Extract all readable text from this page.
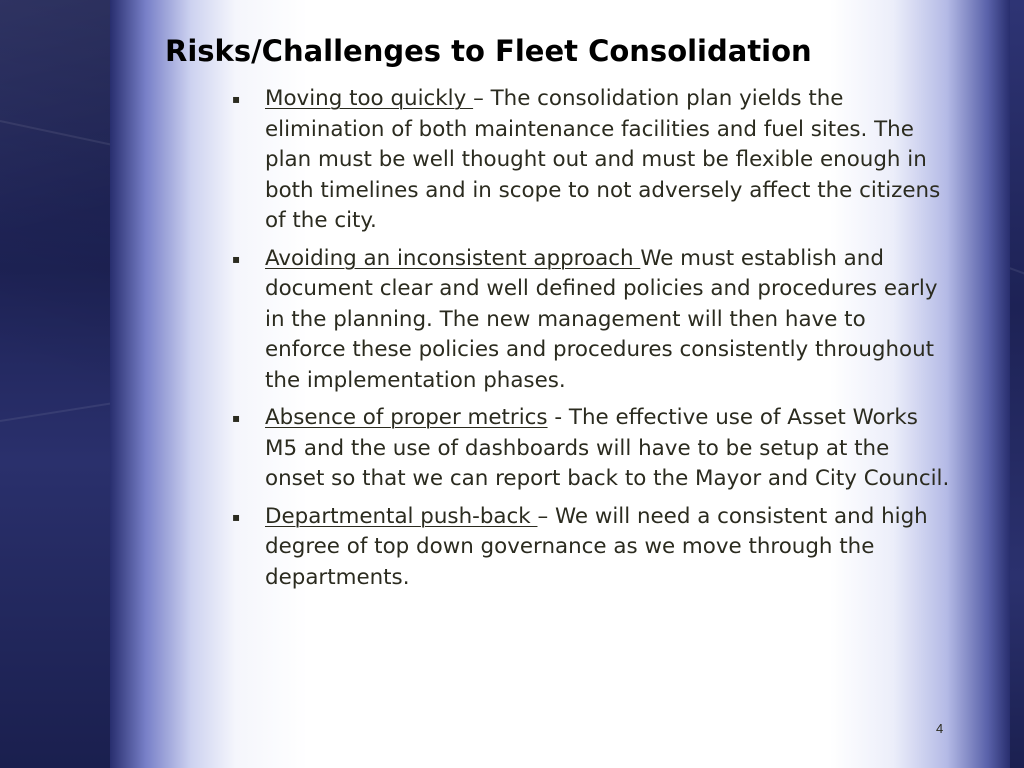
Risks/Challenges to Fleet Consolidation
▪ Moving too quickly – The consolidation plan yields the elimination of both maintenance facilities and fuel sites. The plan must be well thought out and must be flexible enough in both timelines and in scope to not adversely affect the citizens of the city.
▪ Avoiding an inconsistent approach We must establish and document clear and well defined policies and procedures early in the planning. The new management will then have to enforce these policies and procedures consistently throughout the implementation phases.
▪ Absence of proper metrics - The effective use of Asset Works M5 and the use of dashboards will have to be setup at the onset so that we can report back to the Mayor and City Council.
▪ Departmental push-back – We will need a consistent and high degree of top down governance as we move through the departments.
4
